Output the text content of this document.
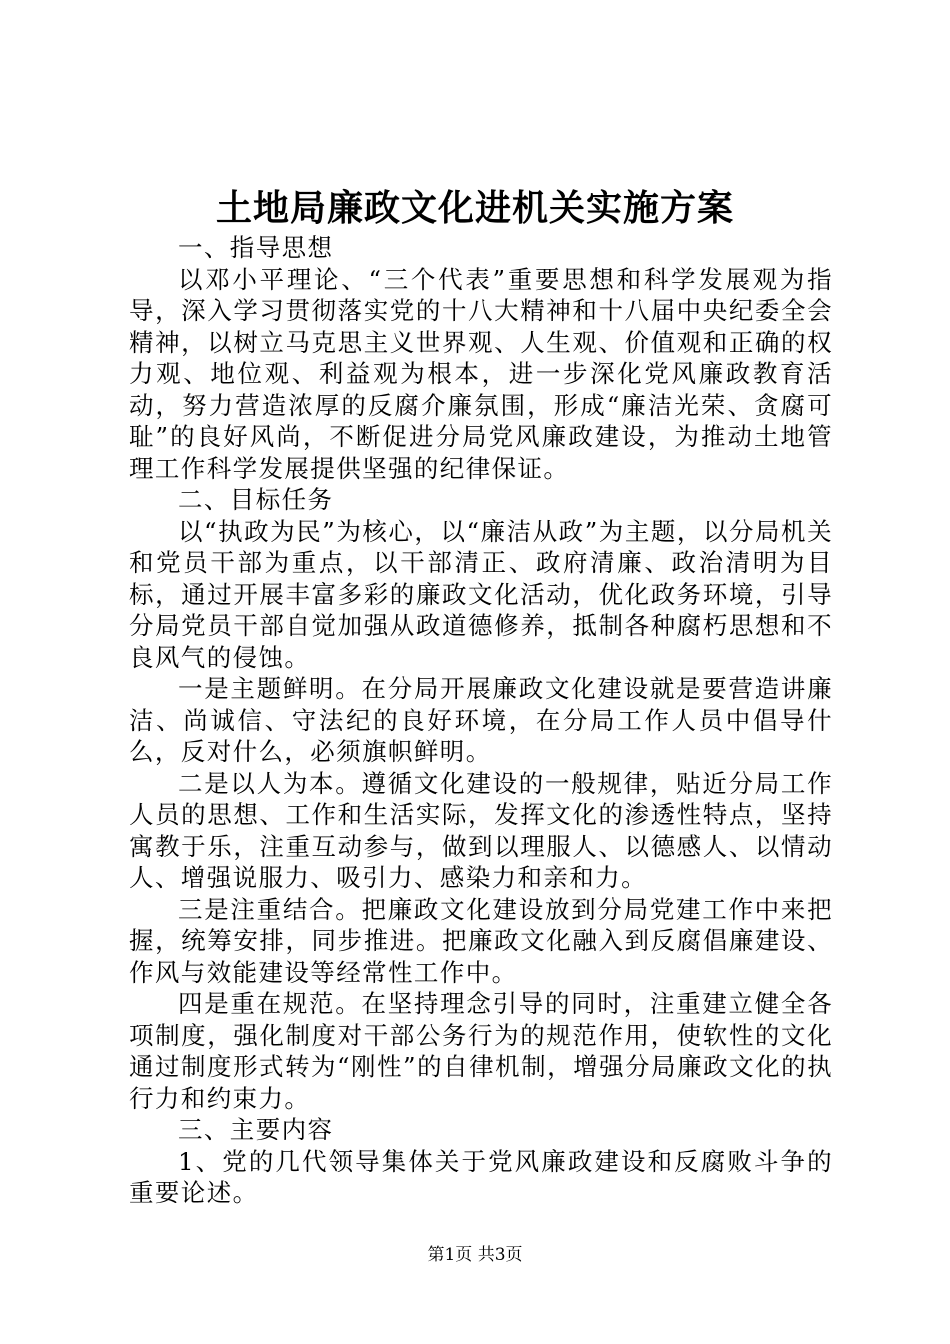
土地局廉政文化进机关实施方案

一、指导思想

以邓小平理论、“三个代表”重要思想和科学发展观为指导，深入学习贯彻落实党的十八大精神和十八届中央纪委全会精神，以树立马克思主义世界观、人生观、价值观和正确的权力观、地位观、利益观为根本，进一步深化党风廉政教育活动，努力营造浓厚的反腐介廉氛围，形成“廉洁光荣、贪腐可耻”的良好风尚，不断促进分局党风廉政建设，为推动土地管理工作科学发展提供坚强的纪律保证。

二、目标任务

以“执政为民”为核心，以“廉洁从政”为主题，以分局机关和党员干部为重点，以干部清正、政府清廉、政治清明为目标，通过开展丰富多彩的廉政文化活动，优化政务环境，引导分局党员干部自觉加强从政道德修养，抵制各种腐朽思想和不良风气的侵蚀。

一是主题鲜明。在分局开展廉政文化建设就是要营造讲廉洁、尚诚信、守法纪的良好环境，在分局工作人员中倡导什么，反对什么，必须旗帜鲜明。

二是以人为本。遵循文化建设的一般规律，贴近分局工作人员的思想、工作和生活实际，发挥文化的渗透性特点，坚持寓教于乐，注重互动参与，做到以理服人、以德感人、以情动人、增强说服力、吸引力、感染力和亲和力。

三是注重结合。把廉政文化建设放到分局党建工作中来把握，统筹安排，同步推进。把廉政文化融入到反腐倡廉建设、作风与效能建设等经常性工作中。

四是重在规范。在坚持理念引导的同时，注重建立健全各项制度，强化制度对干部公务行为的规范作用，使软性的文化通过制度形式转为“刚性”的自律机制，增强分局廉政文化的执行力和约束力。

三、主要内容

1、党的几代领导集体关于党风廉政建设和反腐败斗争的重要论述。

第1页 共3页
